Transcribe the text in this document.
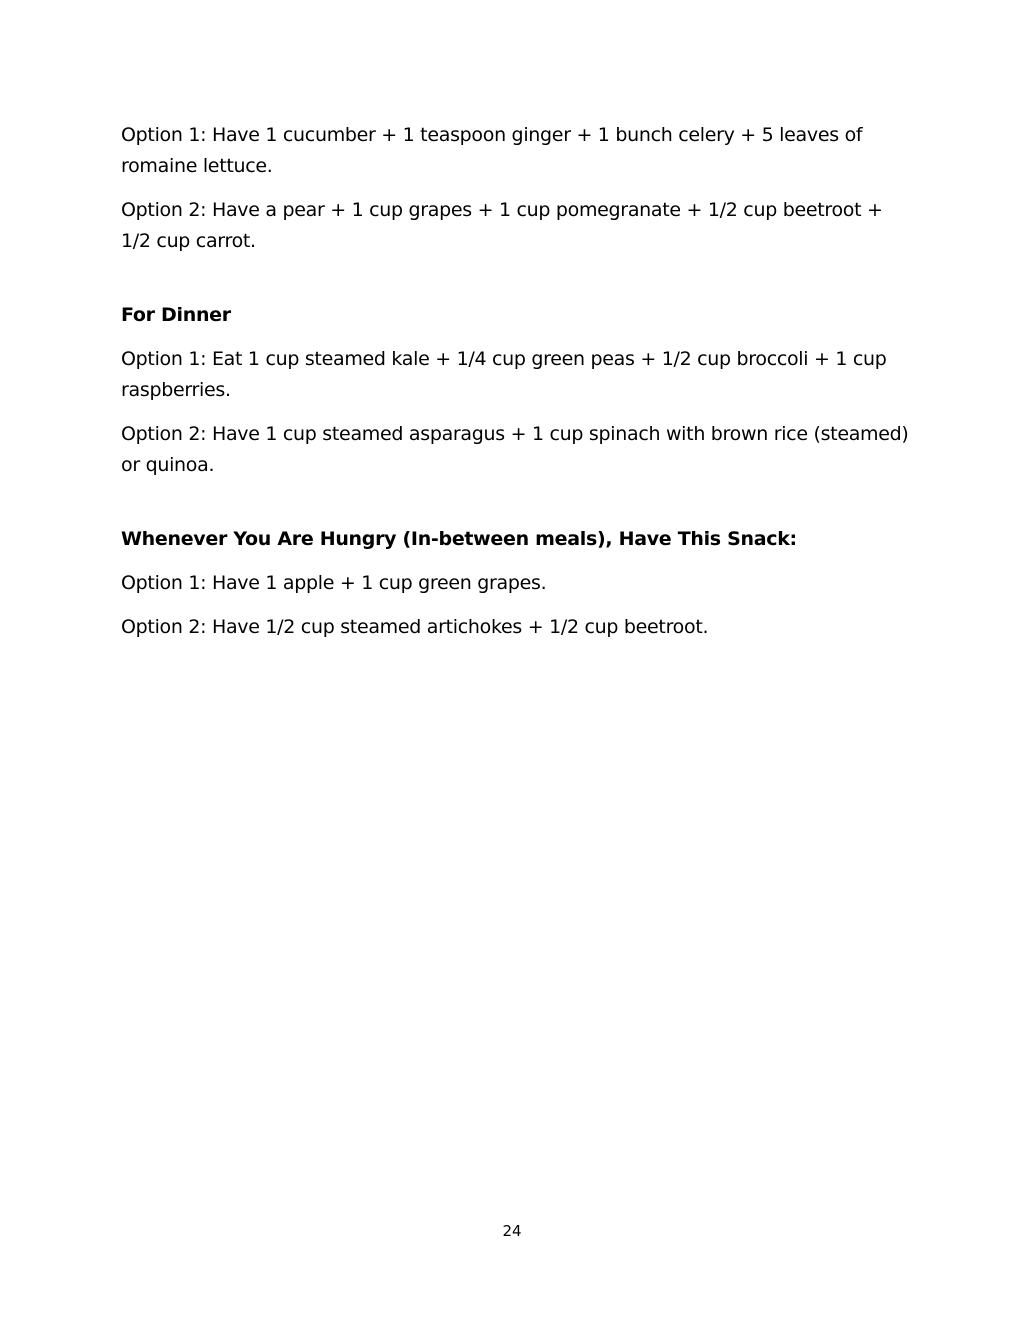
Option 1: Have 1 cucumber + 1 teaspoon ginger + 1 bunch celery + 5 leaves of romaine lettuce.

Option 2: Have a pear + 1 cup grapes + 1 cup pomegranate + 1/2 cup beetroot + 1/2 cup carrot.

For Dinner

Option 1: Eat 1 cup steamed kale + 1/4 cup green peas + 1/2 cup broccoli + 1 cup raspberries.

Option 2: Have 1 cup steamed asparagus + 1 cup spinach with brown rice (steamed) or quinoa.

Whenever You Are Hungry (In-between meals), Have This Snack:

Option 1: Have 1 apple + 1 cup green grapes.

Option 2: Have 1/2 cup steamed artichokes + 1/2 cup beetroot.

24
